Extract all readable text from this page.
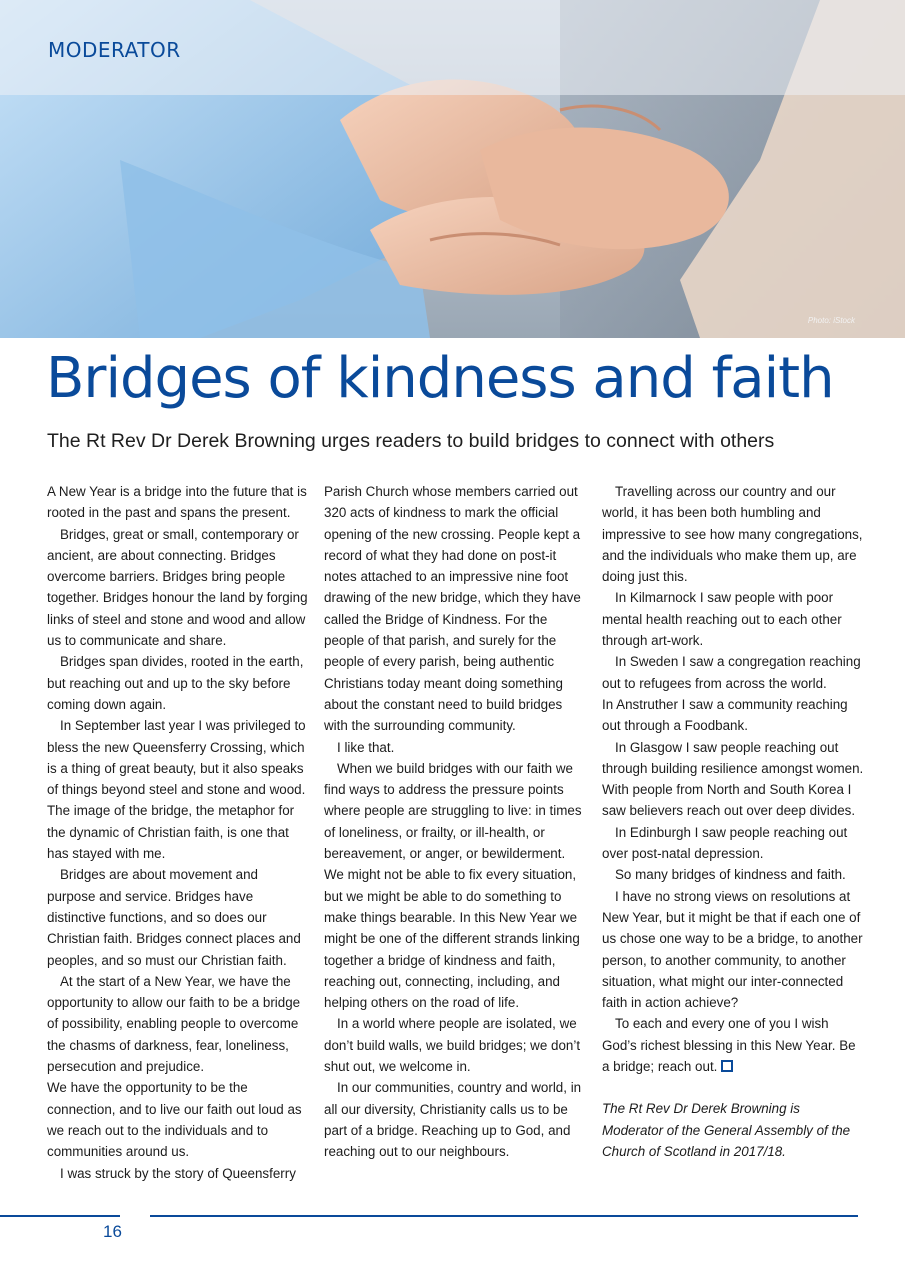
MODERATOR
Photo: iStock
Bridges of kindness and faith
The Rt Rev Dr Derek Browning urges readers to build bridges to connect with others

A New Year is a bridge into the future that is rooted in the past and spans the present.

Bridges, great or small, contemporary or ancient, are about connecting. Bridges overcome barriers. Bridges bring people together. Bridges honour the land by forging links of steel and stone and wood and allow us to communicate and share.

Bridges span divides, rooted in the earth, but reaching out and up to the sky before coming down again.

In September last year I was privileged to bless the new Queensferry Crossing, which is a thing of great beauty, but it also speaks of things beyond steel and stone and wood. The image of the bridge, the metaphor for the dynamic of Christian faith, is one that has stayed with me.

Bridges are about movement and purpose and service. Bridges have distinctive functions, and so does our Christian faith. Bridges connect places and peoples, and so must our Christian faith.

At the start of a New Year, we have the opportunity to allow our faith to be a bridge of possibility, enabling people to overcome the chasms of darkness, fear, loneliness, persecution and prejudice.

We have the opportunity to be the connection, and to live our faith out loud as we reach out to the individuals and to communities around us.

I was struck by the story of Queensferry

Parish Church whose members carried out 320 acts of kindness to mark the official opening of the new crossing. People kept a record of what they had done on post-it notes attached to an impressive nine foot drawing of the new bridge, which they have called the Bridge of Kindness. For the people of that parish, and surely for the people of every parish, being authentic Christians today meant doing something about the constant need to build bridges with the surrounding community.

I like that.

When we build bridges with our faith we find ways to address the pressure points where people are struggling to live: in times of loneliness, or frailty, or ill-health, or bereavement, or anger, or bewilderment. We might not be able to fix every situation, but we might be able to do something to make things bearable. In this New Year we might be one of the different strands linking together a bridge of kindness and faith, reaching out, connecting, including, and helping others on the road of life.

In a world where people are isolated, we don’t build walls, we build bridges; we don’t shut out, we welcome in.

In our communities, country and world, in all our diversity, Christianity calls us to be part of a bridge. Reaching up to God, and reaching out to our neighbours.

Travelling across our country and our world, it has been both humbling and impressive to see how many congregations, and the individuals who make them up, are doing just this.

In Kilmarnock I saw people with poor mental health reaching out to each other through art-work.

In Sweden I saw a congregation reaching out to refugees from across the world.

In Anstruther I saw a community reaching out through a Foodbank.

In Glasgow I saw people reaching out through building resilience amongst women. With people from North and South Korea I saw believers reach out over deep divides.

In Edinburgh I saw people reaching out over post-natal depression.

So many bridges of kindness and faith.

I have no strong views on resolutions at New Year, but it might be that if each one of us chose one way to be a bridge, to another person, to another community, to another situation, what might our inter-connected faith in action achieve?

To each and every one of you I wish God’s richest blessing in this New Year. Be a bridge; reach out.

The Rt Rev Dr Derek Browning is Moderator of the General Assembly of the Church of Scotland in 2017/18.

16
